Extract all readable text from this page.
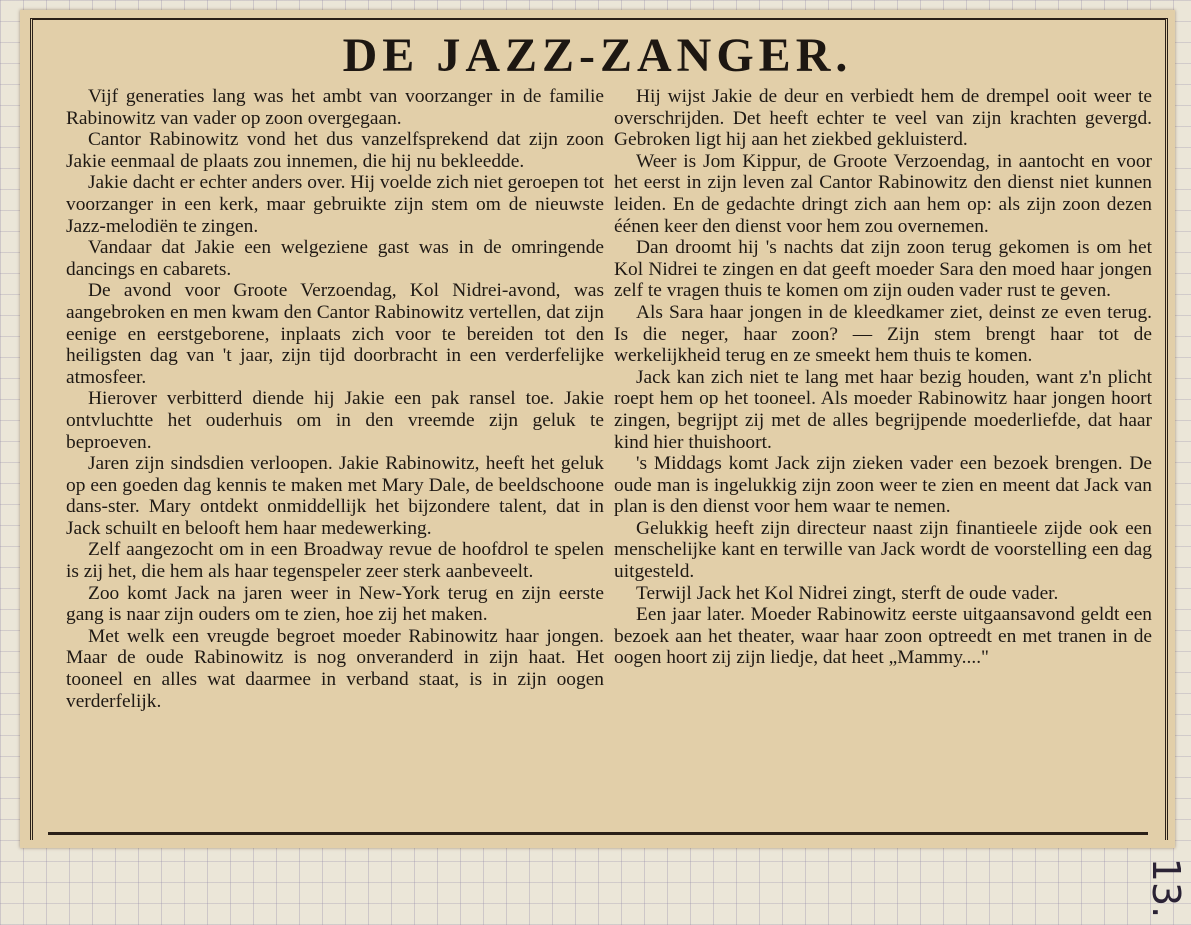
DE JAZZ-ZANGER.

Vijf generaties lang was het ambt van voorzanger in de familie Rabinowitz van vader op zoon overgegaan.

Cantor Rabinowitz vond het dus vanzelfsprekend dat zijn zoon Jakie eenmaal de plaats zou innemen, die hij nu bekleedde.

Jakie dacht er echter anders over. Hij voelde zich niet geroepen tot voorzanger in een kerk, maar gebruikte zijn stem om de nieuwste Jazz-melodiën te zingen.

Vandaar dat Jakie een welgeziene gast was in de omringende dancings en cabarets.

De avond voor Groote Verzoendag, Kol Nidrei-avond, was aangebroken en men kwam den Cantor Rabinowitz vertellen, dat zijn eenige en eerstgeborene, inplaats zich voor te bereiden tot den heiligsten dag van 't jaar, zijn tijd doorbracht in een verderfelijke atmosfeer.

Hierover verbitterd diende hij Jakie een pak ransel toe. Jakie ontvluchtte het ouderhuis om in den vreemde zijn geluk te beproeven.

Jaren zijn sindsdien verloopen. Jakie Rabinowitz, heeft het geluk op een goeden dag kennis te maken met Mary Dale, de beeldschoone dans-ster. Mary ontdekt onmiddellijk het bijzondere talent, dat in Jack schuilt en belooft hem haar medewerking.

Zelf aangezocht om in een Broadway revue de hoofdrol te spelen is zij het, die hem als haar tegenspeler zeer sterk aanbeveelt.

Zoo komt Jack na jaren weer in New-York terug en zijn eerste gang is naar zijn ouders om te zien, hoe zij het maken.

Met welk een vreugde begroet moeder Rabinowitz haar jongen. Maar de oude Rabinowitz is nog onveranderd in zijn haat. Het tooneel en alles wat daarmee in verband staat, is in zijn oogen verderfelijk.

Hij wijst Jakie de deur en verbiedt hem de drempel ooit weer te overschrijden. Det heeft echter te veel van zijn krachten gevergd. Gebroken ligt hij aan het ziekbed gekluisterd.

Weer is Jom Kippur, de Groote Verzoendag, in aantocht en voor het eerst in zijn leven zal Cantor Rabinowitz den dienst niet kunnen leiden. En de gedachte dringt zich aan hem op: als zijn zoon dezen éénen keer den dienst voor hem zou overnemen.

Dan droomt hij 's nachts dat zijn zoon terug gekomen is om het Kol Nidrei te zingen en dat geeft moeder Sara den moed haar jongen zelf te vragen thuis te komen om zijn ouden vader rust te geven.

Als Sara haar jongen in de kleedkamer ziet, deinst ze even terug. Is die neger, haar zoon? — Zijn stem brengt haar tot de werkelijkheid terug en ze smeekt hem thuis te komen.

Jack kan zich niet te lang met haar bezig houden, want z'n plicht roept hem op het tooneel. Als moeder Rabinowitz haar jongen hoort zingen, begrijpt zij met de alles begrijpende moederliefde, dat haar kind hier thuishoort.

's Middags komt Jack zijn zieken vader een bezoek brengen. De oude man is ingelukkig zijn zoon weer te zien en meent dat Jack van plan is den dienst voor hem waar te nemen.

Gelukkig heeft zijn directeur naast zijn finantieele zijde ook een menschelijke kant en terwille van Jack wordt de voorstelling een dag uitgesteld.

Terwijl Jack het Kol Nidrei zingt, sterft de oude vader.

Een jaar later. Moeder Rabinowitz eerste uitgaansavond geldt een bezoek aan het theater, waar haar zoon optreedt en met tranen in de oogen hoort zij zijn liedje, dat heet „Mammy...."

13.
